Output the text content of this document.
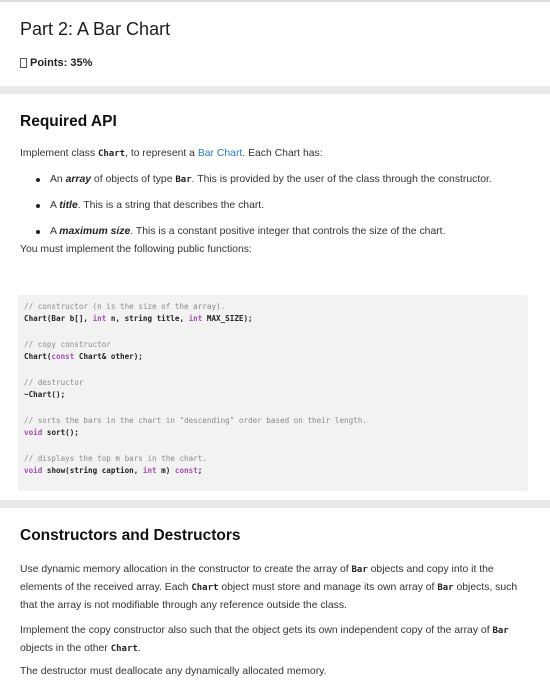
Part 2: A Bar Chart
Points: 35%
Required API
Implement class Chart, to represent a Bar Chart. Each Chart has:
An array of objects of type Bar. This is provided by the user of the class through the constructor.
A title. This is a string that describes the chart.
A maximum size. This is a constant positive integer that controls the size of the chart.
You must implement the following public functions:
// constructor (n is the size of the array).
Chart(Bar b[], int n, string title, int MAX_SIZE);
// copy constructor
Chart(const Chart& other);
// destructor
~Chart();
// sorts the bars in the chart in "descending" order based on their length.
void sort();
// displays the top m bars in the chart.
void show(string caption, int m) const;
Constructors and Destructors
Use dynamic memory allocation in the constructor to create the array of Bar objects and copy into it the elements of the received array. Each Chart object must store and manage its own array of Bar objects, such that the array is not modifiable through any reference outside the class.
Implement the copy constructor also such that the object gets its own independent copy of the array of Bar objects in the other Chart.
The destructor must deallocate any dynamically allocated memory.
